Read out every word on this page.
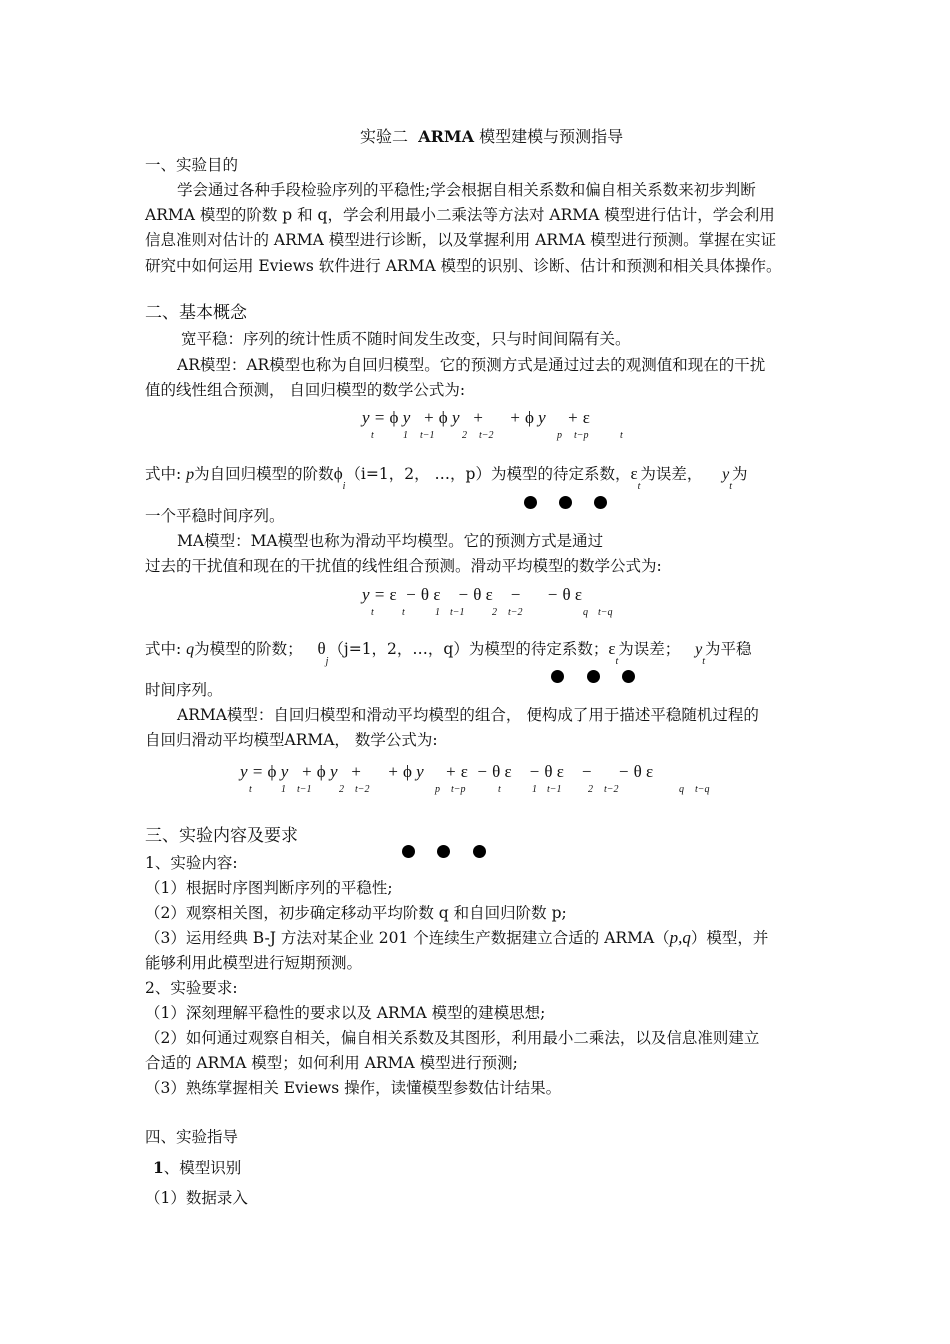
实验二 ARMA 模型建模与预测指导
一、实验目的
学会通过各种手段检验序列的平稳性;学会根据自相关系数和偏自相关系数来初步判断
ARMA 模型的阶数 p 和 q，学会利用最小二乘法等方法对 ARMA 模型进行估计，学会利用
信息准则对估计的 ARMA 模型进行诊断，以及掌握利用 ARMA 模型进行预测。掌握在实证
研究中如何运用 Eviews 软件进行 ARMA 模型的识别、诊断、估计和预测和相关具体操作。
二、基本概念
宽平稳：序列的统计性质不随时间发生改变，只与时间间隔有关。
AR模型：AR模型也称为自回归模型。它的预测方式是通过过去的观测值和现在的干扰
值的线性组合预测， 自回归模型的数学公式为:
y = ϕ y   + ϕ y   +      + ϕ y     + ε
t	1 t−1	2 t−2	p t−p	t
式中: p为自回归模型的阶数$\phi_i(i=1$，2， …，p）为模型的待定系数，$\varepsilon_t$为误差， $y_t$为
一个平稳时间序列。
MA模型：MA模型也称为滑动平均模型。它的预测方式是通过
过去的干扰值和现在的干扰值的线性组合预测。滑动平均模型的数学公式为:
y = ε  − θ ε    − θ ε    −      − θ ε
t	t	1 t−1	2 t−2	q t−q
式中: q为模型的阶数； $\theta_j(j=1$，2，…，q）为模型的待定系数；$\varepsilon_t$为误差； $y_t$为平稳
时间序列。
ARMA模型：自回归模型和滑动平均模型的组合， 便构成了用于描述平稳随机过程的
自回归滑动平均模型ARMA， 数学公式为:
y = ϕ y   + ϕ y   +      + ϕ y     + ε  − θ ε    − θ ε    −      − θ ε
t	1 t−1	2 t−2	p t−p	t	1 t−1	2 t−2	q t−q
三、实验内容及要求
1、实验内容:
（1）根据时序图判断序列的平稳性;
（2）观察相关图，初步确定移动平均阶数 q 和自回归阶数 p;
（3）运用经典 B-J 方法对某企业 201 个连续生产数据建立合适的 ARMA（p,q）模型，并
能够利用此模型进行短期预测。
2、实验要求:
（1）深刻理解平稳性的要求以及 ARMA 模型的建模思想;
（2）如何通过观察自相关，偏自相关系数及其图形，利用最小二乘法，以及信息准则建立
合适的 ARMA 模型；如何利用 ARMA 模型进行预测;
（3）熟练掌握相关 Eviews 操作，读懂模型参数估计结果。
四、实验指导
1、模型识别
（1）数据录入
